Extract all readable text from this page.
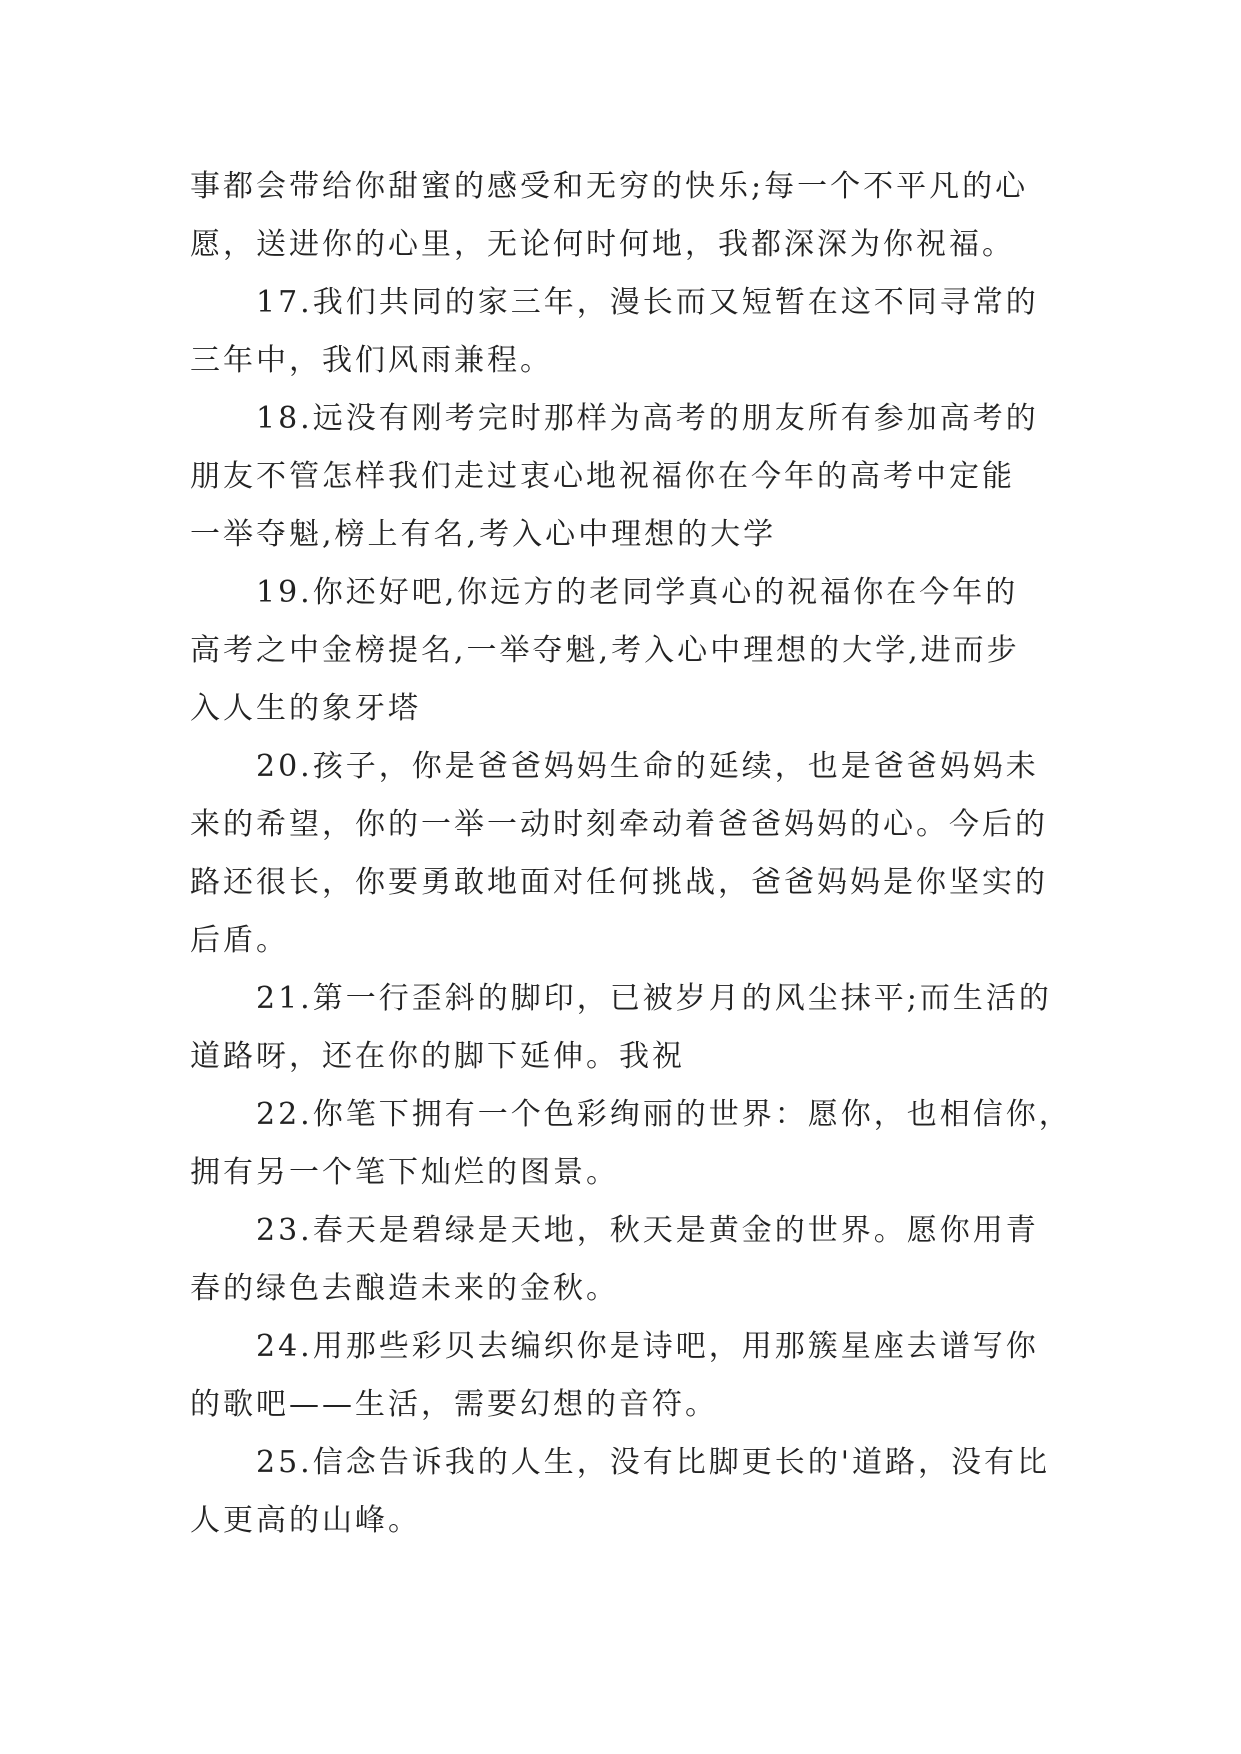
事都会带给你甜蜜的感受和无穷的快乐;每一个不平凡的心
愿，送进你的心里，无论何时何地，我都深深为你祝福。
17.我们共同的家三年，漫长而又短暂在这不同寻常的
三年中，我们风雨兼程。
18.远没有刚考完时那样为高考的朋友所有参加高考的
朋友不管怎样我们走过衷心地祝福你在今年的高考中定能
一举夺魁,榜上有名,考入心中理想的大学
19.你还好吧,你远方的老同学真心的祝福你在今年的
高考之中金榜提名,一举夺魁,考入心中理想的大学,进而步
入人生的象牙塔
20.孩子，你是爸爸妈妈生命的延续，也是爸爸妈妈未
来的希望，你的一举一动时刻牵动着爸爸妈妈的心。今后的
路还很长，你要勇敢地面对任何挑战，爸爸妈妈是你坚实的
后盾。
21.第一行歪斜的脚印，已被岁月的风尘抹平;而生活的
道路呀，还在你的脚下延伸。我祝
22.你笔下拥有一个色彩绚丽的世界：愿你，也相信你，
拥有另一个笔下灿烂的图景。
23.春天是碧绿是天地，秋天是黄金的世界。愿你用青
春的绿色去酿造未来的金秋。
24.用那些彩贝去编织你是诗吧，用那簇星座去谱写你
的歌吧——生活，需要幻想的音符。
25.信念告诉我的人生，没有比脚更长的'道路，没有比
人更高的山峰。
